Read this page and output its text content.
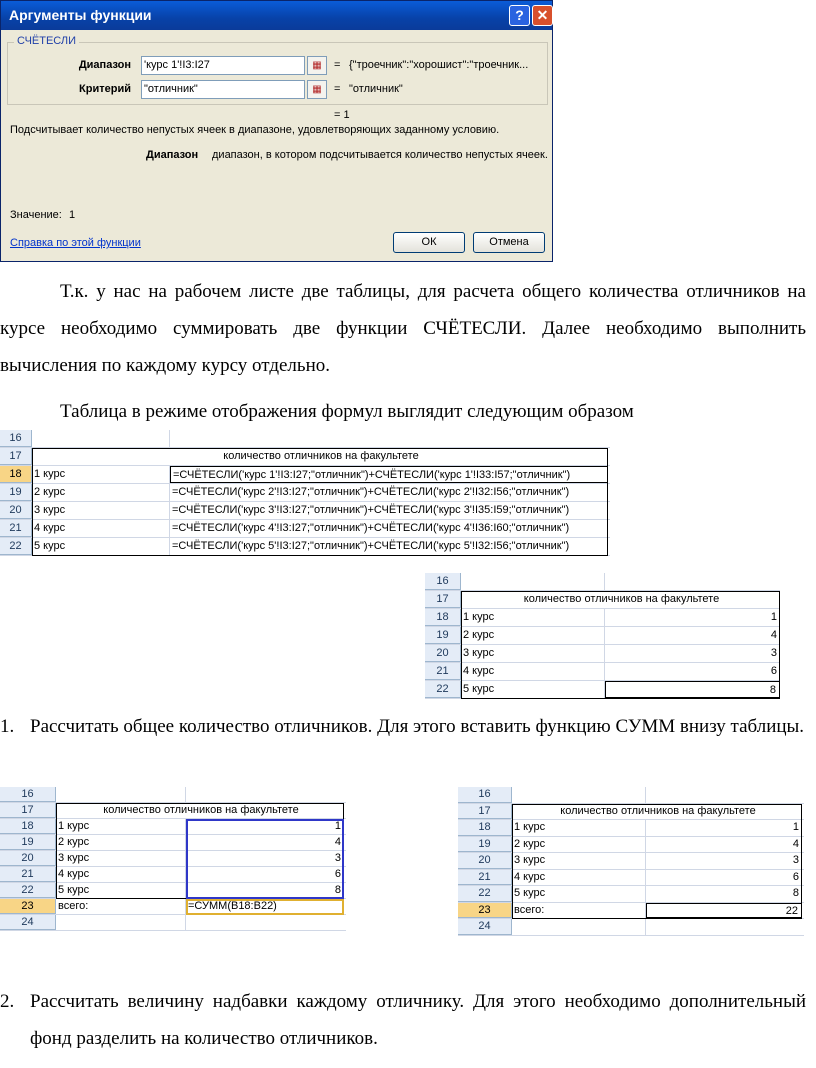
Аргументы функции	? ✕
СЧЁТЕСЛИ
Диапазон 'курс 1'!I3:I27	▦	= {"троечник":"хорошист":"троечник...
Критерий "отличник"	▦	= "отличник"
= 1
Подсчитывает количество непустых ячеек в диапазоне, удовлетворяющих заданному условию.
Диапазон диапазон, в котором подсчитывается количество непустых ячеек.
Значение: 1
Справка по этой функции	ОК	Отмена
Т.к. у нас на рабочем листе две таблицы, для расчета общего количества отличников на курсе необходимо суммировать две функции СЧЁТЕСЛИ. Далее необходимо выполнить вычисления по каждому курсу отдельно.
Таблица в режиме отображения формул выглядит следующим образом
16
17	количество отличников на факультете
18	1 курс	=СЧЁТЕСЛИ('курс 1'!I3:I27;"отличник")+СЧЁТЕСЛИ('курс 1'!I33:I57;"отличник")
19	2 курс	=СЧЁТЕСЛИ('курс 2'!I3:I27;"отличник")+СЧЁТЕСЛИ('курс 2'!I32:I56;"отличник")
20	3 курс	=СЧЁТЕСЛИ('курс 3'!I3:I27;"отличник")+СЧЁТЕСЛИ('курс 3'!I35:I59;"отличник")
21	4 курс	=СЧЁТЕСЛИ('курс 4'!I3:I27;"отличник")+СЧЁТЕСЛИ('курс 4'!I36:I60;"отличник")
22	5 курс	=СЧЁТЕСЛИ('курс 5'!I3:I27;"отличник")+СЧЁТЕСЛИ('курс 5'!I32:I56;"отличник")
16
17	количество отличников на факультете
18	1 курс	1
19	2 курс	4
20	3 курс	3
21	4 курс	6
22	5 курс	8
1. Рассчитать общее количество отличников. Для этого вставить функцию СУММ внизу таблицы.
16
17	количество отличников на факультете
18	1 курс	1
19	2 курс	4
20	3 курс	3
21	4 курс	6
22	5 курс	8
23	всего:	=СУММ(B18:B22)
24
16
17	количество отличников на факультете
18	1 курс	1
19	2 курс	4
20	3 курс	3
21	4 курс	6
22	5 курс	8
23	всего:	22
24
2. Рассчитать величину надбавки каждому отличнику. Для этого необходимо дополнительный фонд разделить на количество отличников.
